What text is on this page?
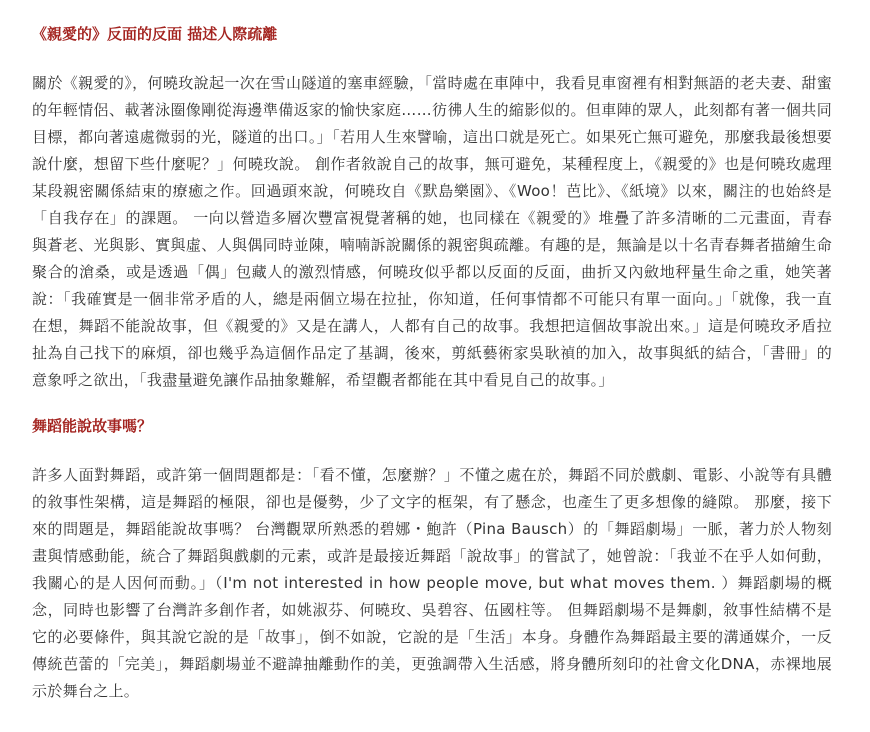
《親愛的》反面的反面 描述人際疏離

關於《親愛的》，何曉玫說起一次在雪山隧道的塞車經驗，「當時處在車陣中，我看見車窗裡有相對無語的老夫妻、甜蜜的年輕情侶、載著泳圈像剛從海邊準備返家的愉快家庭……彷彿人生的縮影似的。但車陣的眾人，此刻都有著一個共同目標，都向著遠處微弱的光，隧道的出口。」「若用人生來譬喻，這出口就是死亡。如果死亡無可避免，那麼我最後想要說什麼，想留下些什麼呢？」何曉玫說。 創作者敘說自己的故事，無可避免，某種程度上，《親愛的》也是何曉玫處理某段親密關係結束的療癒之作。回過頭來說，何曉玫自《默島樂園》、《Woo！芭比》、《紙境》以來，關注的也始終是「自我存在」的課題。 一向以營造多層次豐富視覺著稱的她，也同樣在《親愛的》堆疊了許多清晰的二元畫面，青春與蒼老、光與影、實與虛、人與偶同時並陳，喃喃訴說關係的親密與疏離。有趣的是，無論是以十名青春舞者描繪生命聚合的滄桑，或是透過「偶」包藏人的激烈情感，何曉玫似乎都以反面的反面，曲折又內斂地秤量生命之重，她笑著說：「我確實是一個非常矛盾的人，總是兩個立場在拉扯，你知道，任何事情都不可能只有單一面向。」「就像，我一直在想，舞蹈不能說故事，但《親愛的》又是在講人，人都有自己的故事。我想把這個故事說出來。」這是何曉玫矛盾拉扯為自己找下的麻煩，卻也幾乎為這個作品定了基調，後來，剪紙藝術家吳耿禎的加入，故事與紙的結合，「書冊」的意象呼之欲出，「我盡量避免讓作品抽象難解，希望觀者都能在其中看見自己的故事。」

舞蹈能說故事嗎？

許多人面對舞蹈，或許第一個問題都是：「看不懂，怎麼辦？」不懂之處在於，舞蹈不同於戲劇、電影、小說等有具體的敘事性架構，這是舞蹈的極限，卻也是優勢，少了文字的框架，有了懸念，也產生了更多想像的縫隙。 那麼，接下來的問題是，舞蹈能說故事嗎？ 台灣觀眾所熟悉的碧娜・鮑許（Pina Bausch）的「舞蹈劇場」一脈，著力於人物刻畫與情感動能，統合了舞蹈與戲劇的元素，或許是最接近舞蹈「說故事」的嘗試了，她曾說：「我並不在乎人如何動，我關心的是人因何而動。」（I'm not interested in how people move, but what moves them. ）舞蹈劇場的概念，同時也影響了台灣許多創作者，如姚淑芬、何曉玫、吳碧容、伍國柱等。 但舞蹈劇場不是舞劇，敘事性結構不是它的必要條件，與其說它說的是「故事」，倒不如說，它說的是「生活」本身。身體作為舞蹈最主要的溝通媒介，一反傳統芭蕾的「完美」，舞蹈劇場並不避諱抽離動作的美，更強調帶入生活感，將身體所刻印的社會文化DNA，赤裸地展示於舞台之上。
